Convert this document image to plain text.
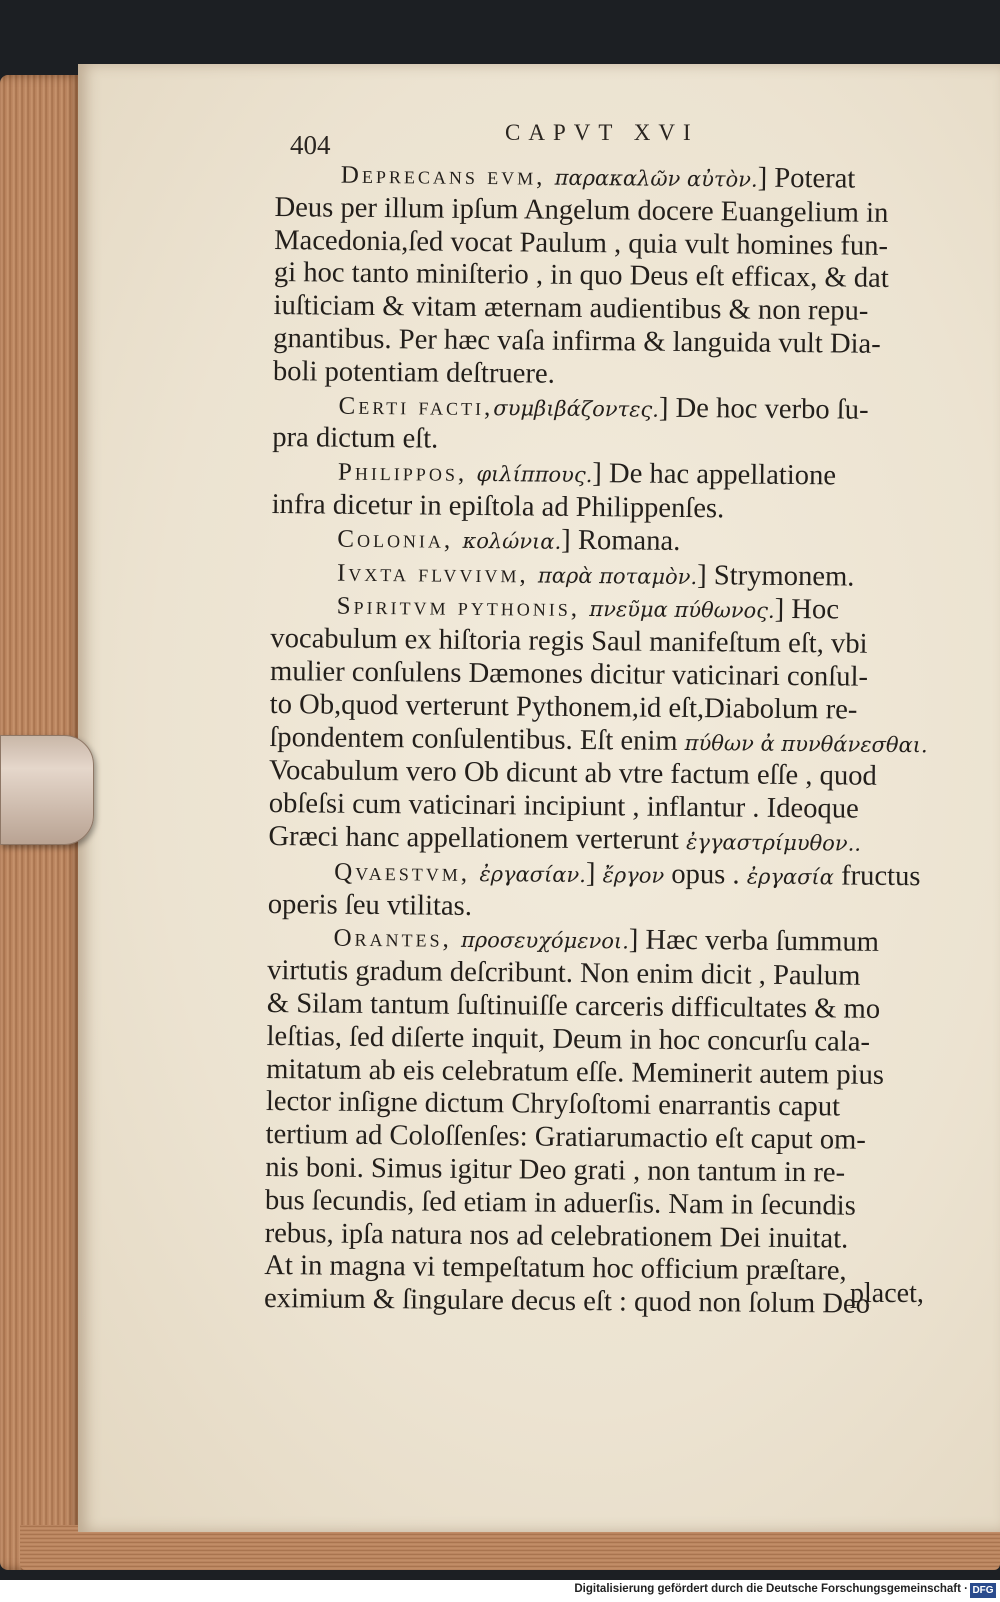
404	CAPVT XVI
Deprecans evm, παρακαλῶν αὐτὸν.] Poterat
Deus per illum ipſum Angelum docere Euangelium in
Macedonia,ſed vocat Paulum , quia vult homines fun-
gi hoc tanto miniſterio , in quo Deus eſt efficax, & dat
iuſticiam & vitam æternam audientibus & non repu-
gnantibus. Per hæc vaſa infirma & languida vult Dia-
boli potentiam deſtruere.
Certi facti,συμβιβάζοντες.] De hoc verbo ſu-
pra dictum eſt.
Philippos, φιλίππους.] De hac appellatione
infra dicetur in epiſtola ad Philippenſes.
Colonia, κολώνια.] Romana.
Ivxta flvvivm, παρὰ ποταμὸν.] Strymonem.
Spiritvm pythonis, πνεῦμα πύθωνος.] Hoc
vocabulum ex hiſtoria regis Saul manifeſtum eſt, vbi
mulier conſulens Dæmones dicitur vaticinari conſul-
to Ob,quod verterunt Pythonem,id eſt,Diabolum re-
ſpondentem conſulentibus. Eſt enim πύθων ἀ πυνθάνεσθαι.
Vocabulum vero Ob dicunt ab vtre factum eſſe , quod
obſeſsi cum vaticinari incipiunt , inflantur . Ideoque
Græci hanc appellationem verterunt ἐγγαστρίμυθον..
Qvaestvm, ἐργασίαν.] ἔργον opus . ἐργασία fructus
operis ſeu vtilitas.
Orantes, προσευχόμενοι.] Hæc verba ſummum
virtutis gradum deſcribunt. Non enim dicit , Paulum
& Silam tantum ſuſtinuiſſe carceris difficultates & mo
leſtias, ſed diſerte inquit, Deum in hoc concurſu cala-
mitatum ab eis celebratum eſſe. Meminerit autem pius
lector inſigne dictum Chryſoſtomi enarrantis caput
tertium ad Coloſſenſes: Gratiarumactio eſt caput om-
nis boni. Simus igitur Deo grati , non tantum in re-
bus ſecundis, ſed etiam in aduerſis. Nam in ſecundis
rebus, ipſa natura nos ad celebrationem Dei inuitat.
At in magna vi tempeſtatum hoc officium præſtare,
eximium & ſingulare decus eſt : quod non ſolum Deo
placet,
Digitalisierung gefördert durch die Deutsche Forschungsgemeinschaft · DFG
